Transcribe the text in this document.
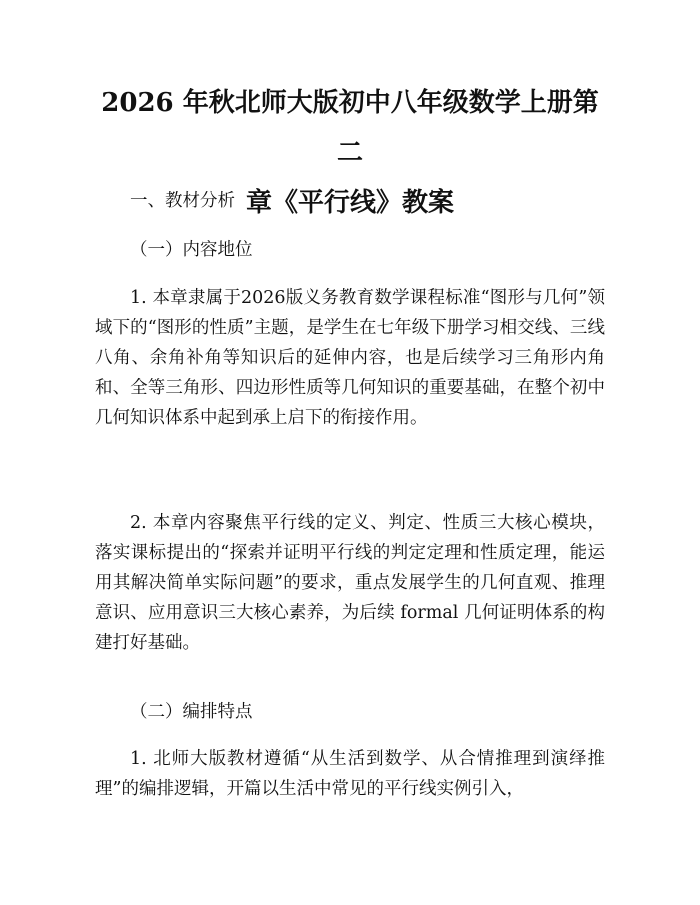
2026 年秋北师大版初中八年级数学上册第二
章《平行线》教案

一、教材分析

（一）内容地位

1. 本章隶属于2026版义务教育数学课程标准“图形与几何”领域下的“图形的性质”主题，是学生在七年级下册学习相交线、三线八角、余角补角等知识后的延伸内容，也是后续学习三角形内角和、全等三角形、四边形性质等几何知识的重要基础，在整个初中几何知识体系中起到承上启下的衔接作用。

2. 本章内容聚焦平行线的定义、判定、性质三大核心模块，落实课标提出的“探索并证明平行线的判定定理和性质定理，能运用其解决简单实际问题”的要求，重点发展学生的几何直观、推理意识、应用意识三大核心素养，为后续 formal 几何证明体系的构建打好基础。

（二）编排特点

1. 北师大版教材遵循“从生活到数学、从合情推理到演绎推理”的编排逻辑，开篇以生活中常见的平行线实例引入，
